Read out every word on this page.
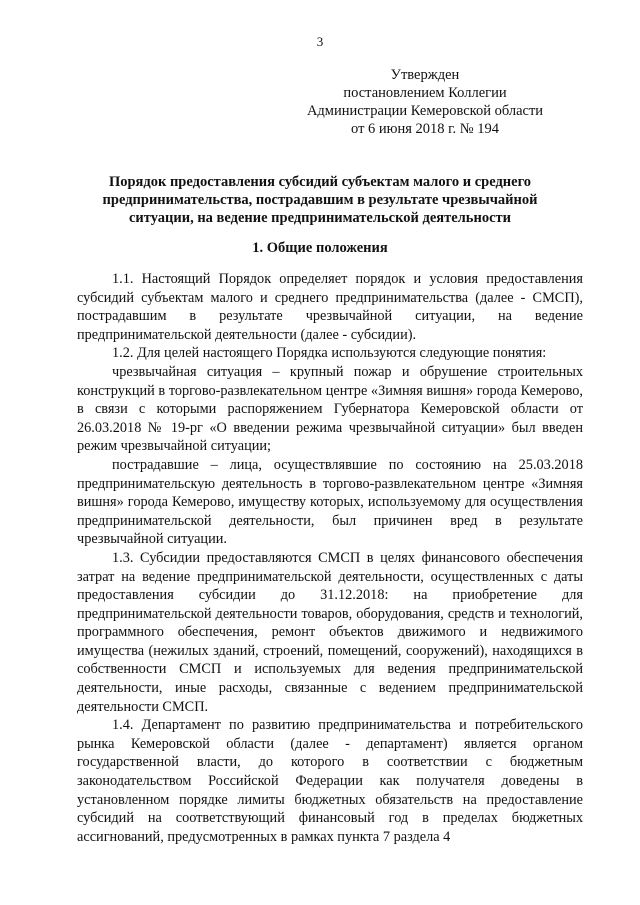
3
Утвержден
постановлением Коллегии
Администрации Кемеровской области
от 6 июня 2018 г. № 194
Порядок предоставления субсидий субъектам малого и среднего
предпринимательства, пострадавшим в результате чрезвычайной
ситуации, на ведение предпринимательской деятельности
1. Общие положения

1.1. Настоящий Порядок определяет порядок и условия предоставления субсидий субъектам малого и среднего предпринимательства (далее - СМСП), пострадавшим в результате чрезвычайной ситуации, на ведение предпринимательской деятельности (далее - субсидии).

1.2. Для целей настоящего Порядка используются следующие понятия:

чрезвычайная ситуация – крупный пожар и обрушение строительных конструкций в торгово-развлекательном центре «Зимняя вишня» города Кемерово, в связи с которыми распоряжением Губернатора Кемеровской области от 26.03.2018 № 19-рг «О введении режима чрезвычайной ситуации» был введен режим чрезвычайной ситуации;

пострадавшие – лица, осуществлявшие по состоянию на 25.03.2018 предпринимательскую деятельность в торгово-развлекательном центре «Зимняя вишня» города Кемерово, имуществу которых, используемому для осуществления предпринимательской деятельности, был причинен вред в результате чрезвычайной ситуации.

1.3. Субсидии предоставляются СМСП в целях финансового обеспечения затрат на ведение предпринимательской деятельности, осуществленных с даты предоставления субсидии до 31.12.2018: на приобретение для предпринимательской деятельности товаров, оборудования, средств и технологий, программного обеспечения, ремонт объектов движимого и недвижимого имущества (нежилых зданий, строений, помещений, сооружений), находящихся в собственности СМСП и используемых для ведения предпринимательской деятельности, иные расходы, связанные с ведением предпринимательской деятельности СМСП.

1.4. Департамент по развитию предпринимательства и потребительского рынка Кемеровской области (далее - департамент) является органом государственной власти, до которого в соответствии с бюджетным законодательством Российской Федерации как получателя доведены в установленном порядке лимиты бюджетных обязательств на предоставление субсидий на соответствующий финансовый год в пределах бюджетных ассигнований, предусмотренных в рамках пункта 7 раздела 4
